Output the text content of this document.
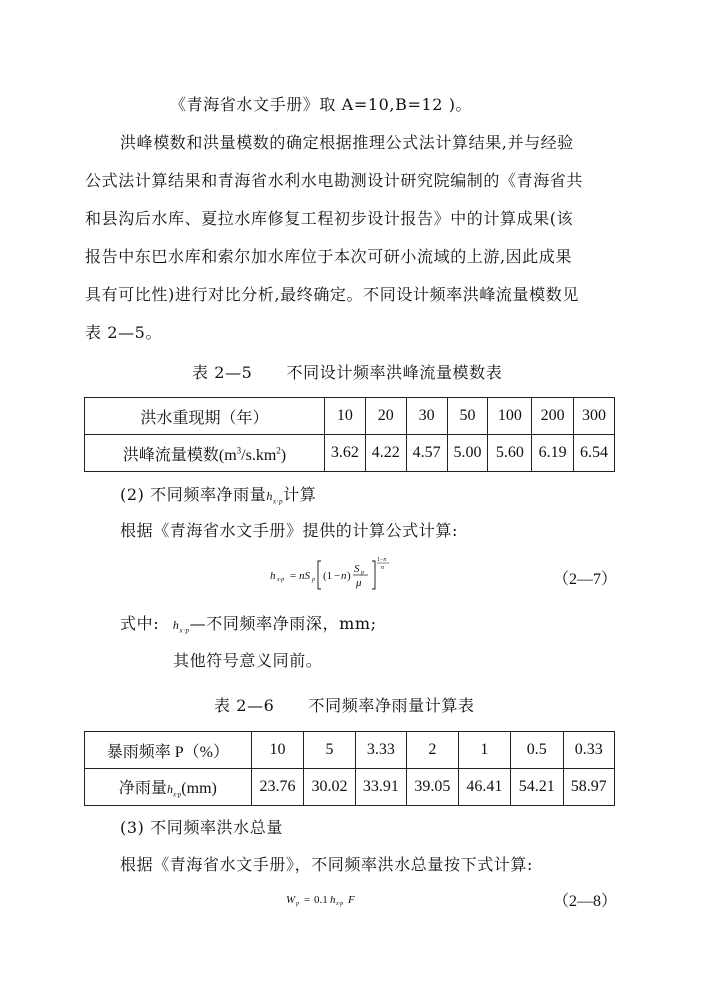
《青海省水文手册》取 A=10,B=12 )。
洪峰模数和洪量模数的确定根据推理公式法计算结果,并与经验
公式法计算结果和青海省水利水电勘测设计研究院编制的《青海省共
和县沟后水库、夏拉水库修复工程初步设计报告》中的计算成果(该
报告中东巴水库和索尔加水库位于本次可研小流域的上游,因此成果
具有可比性)进行对比分析,最终确定。不同设计频率洪峰流量模数见
表 2—5。
表 2—5      不同设计频率洪峰流量模数表
洪水重现期（年）	10	20	30	50	100	200	300
洪峰流量模数$(m^3/s.km^2)$	3.62	4.22	4.57	5.00	5.60	6.19	6.54
(2) 不同频率净雨量$h_{x\cdot p}$计算
根据《青海省水文手册》提供的计算公式计算:
h x·p = nS p (1 − n )
S p
μ
1−n
n
（2—7）
式中: $h_{x\cdot p}—$不同频率净雨深，mm;
其他符号意义同前。
表 2—6      不同频率净雨量计算表
暴雨频率 P（%）	10	5	3.33	2	1	0.5	0.33
净雨量$h_{x\cdot p}(mm)$	23.76	30.02	33.91	39.05	46.41	54.21	58.97
(3) 不同频率洪水总量
根据《青海省水文手册》，不同频率洪水总量按下式计算:
W p = 0.1 h x·p F	（2—8）
